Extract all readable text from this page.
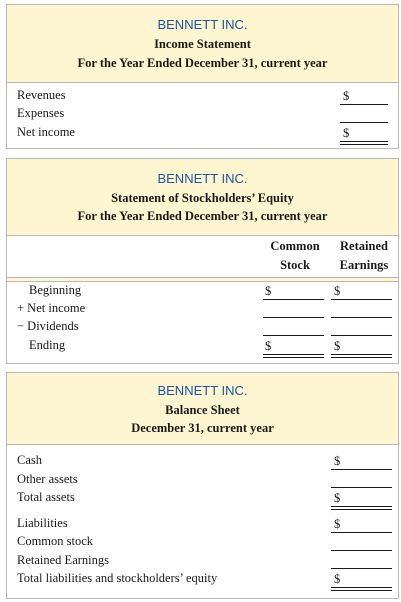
BENNETT INC.
Income Statement
For the Year Ended December 31, current year
Revenues
Expenses
Net income
$
$
BENNETT INC.
Statement of Stockholders’ Equity
For the Year Ended December 31, current year
Common
Stock
Retained
Earnings
Beginning
+ Net income
− Dividends
Ending
$
$
$
$
BENNETT INC.
Balance Sheet
December 31, current year
Cash
Other assets
Total assets
Liabilities
Common stock
Retained Earnings
Total liabilities and stockholders’ equity
$
$
$
$
